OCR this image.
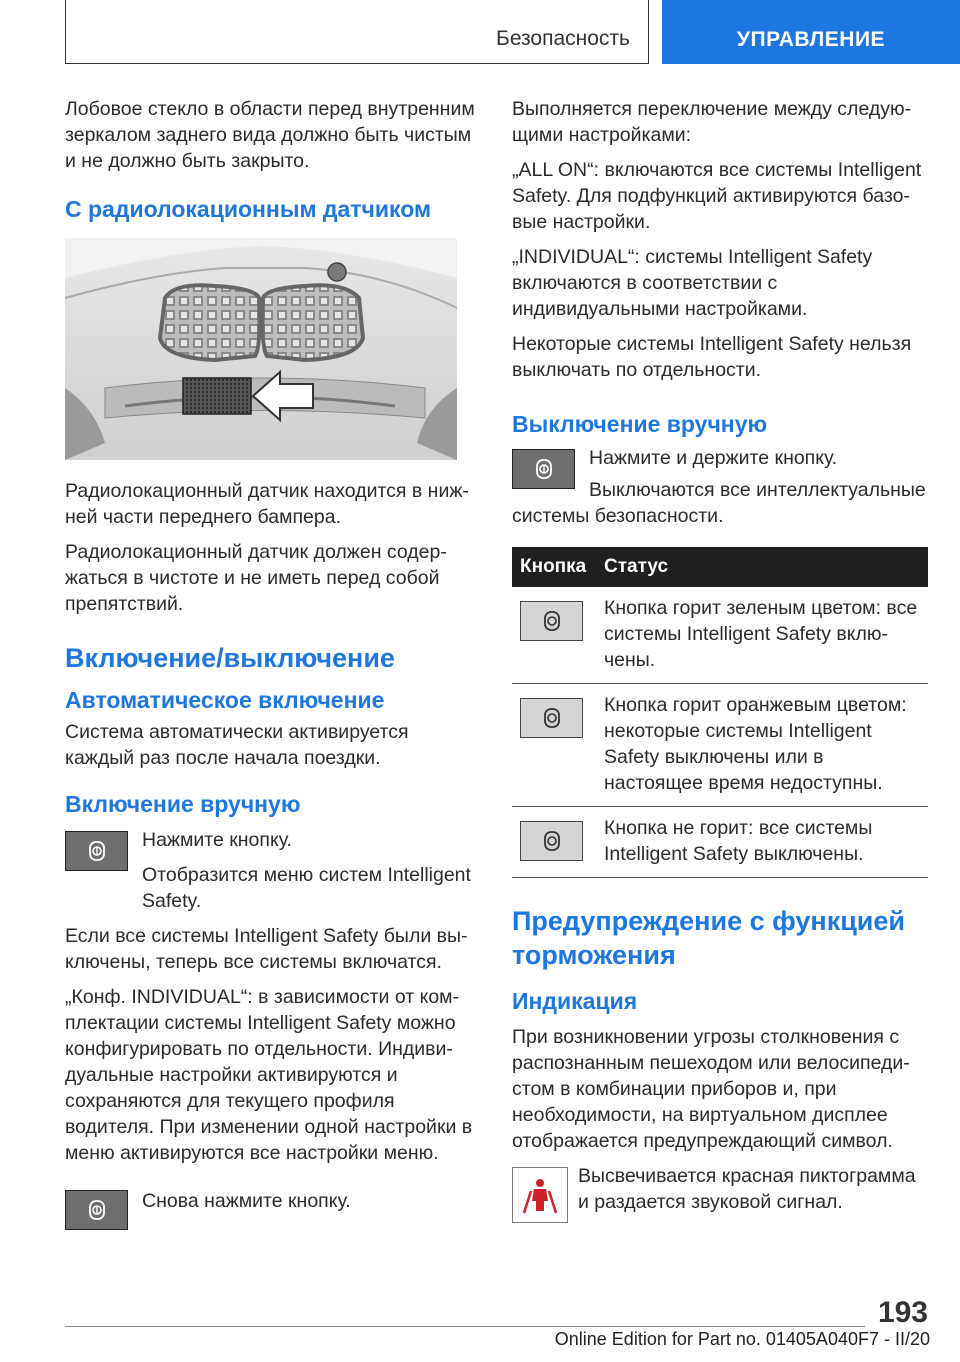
Безопасность	УПРАВЛЕНИЕ

Лобовое стекло в области перед внутренним зеркалом заднего вида должно быть чистым и не должно быть закрыто.

С радиолокационным датчиком

Радиолокационный датчик находится в нижней части переднего бампера.

Радиолокационный датчик должен содержаться в чистоте и не иметь перед собой препятствий.

Включение/выключение
Автоматическое включение

Система автоматически активируется каждый раз после начала поездки.

Включение вручную

Нажмите кнопку.

Отобразится меню систем Intelligent Safety.

Если все системы Intelligent Safety были выключены, теперь все системы включатся.

„Конф. INDIVIDUAL“: в зависимости от комплектации системы Intelligent Safety можно конфигурировать по отдельности. Индивидуальные настройки активируются и сохраняются для текущего профиля водителя. При изменении одной настройки в меню активируются все настройки меню.

Снова нажмите кнопку.

Выполняется переключение между следующими настройками:

„ALL ON“: включаются все системы Intelligent Safety. Для подфункций активируются базовые настройки.

„INDIVIDUAL“: системы Intelligent Safety включаются в соответствии с индивидуальными настройками.

Некоторые системы Intelligent Safety нельзя выключать по отдельности.

Выключение вручную

Нажмите и держите кнопку.

Выключаются все интеллектуальные системы безопасности.

Кнопка	Статус

	Кнопка горит зеленым цветом: все системы Intelligent Safety включены.

	Кнопка горит оранжевым цветом: некоторые системы Intelligent Safety выключены или в настоящее время недоступны.

	Кнопка не горит: все системы Intelligent Safety выключены.
Предупреждение с функцией торможения
Индикация

При возникновении угрозы столкновения с распознанным пешеходом или велосипедистом в комбинации приборов и, при необходимости, на виртуальном дисплее отображается предупреждающий символ.

Высвечивается красная пиктограмма и раздается звуковой сигнал.

193
Online Edition for Part no. 01405A040F7 - II/20
